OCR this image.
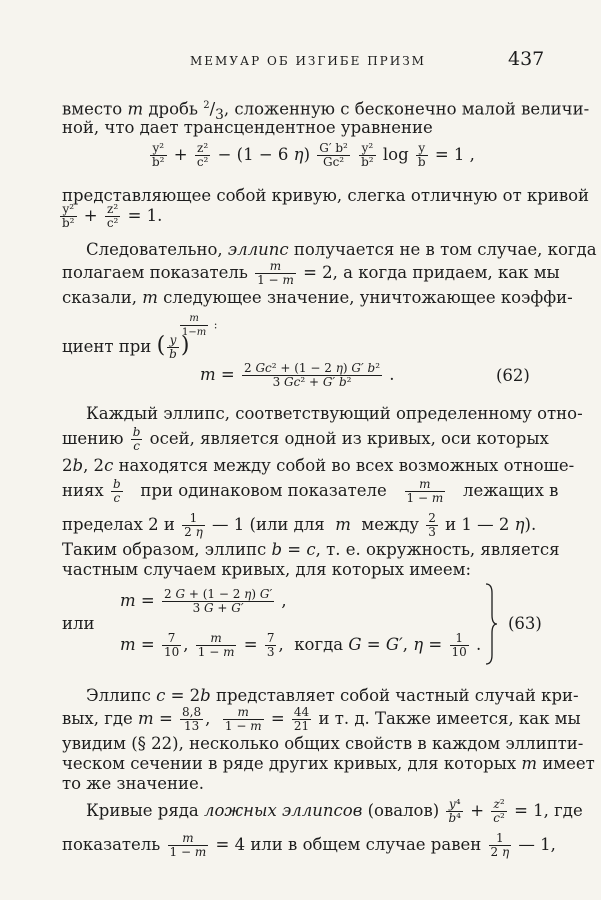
МЕМУАР ОБ ИЗГИБЕ ПРИЗМ	437
вместо m дробь $^2/_3$, сложенную с бесконечно малой величи-
ной, что дает трансцендентное уравнение
$\frac{\text{y²}}{\text{b²}} + \frac{\text{z²}}{\text{c²}} - (1 - 6$ $\eta) \frac{\text{G′ b²}}{\text{Gc²}}$
$\frac{\text{y²}}{\text{b²}}$ $\log \frac{y}{b} = 1$ ,
представляющее собой кривую, слегка отличную от кривой
$\frac{\text{y²}}{\text{b²}} + \frac{\text{z²}}{\text{c²}} = 1$.
Следовательно, эллипс получается не в том случае, когда
полагаем показатель $\frac{m}{1 - m} = 2$, а когда придаем, как мы
сказали, m следующее значение, уничтожающее коэффи-
циент при ( $\frac{y}{b}$ )
$\frac{m}{1-m}$ :
$m = \frac{\text{2 Gc² + (1 − 2 η) G′ b²}}{\text{3 Gc² + G′ b²}}$ .	(62)
Каждый эллипс, соответствующий определенному отно-
шению $\frac{b}{c}$ осей, является одной из кривых, оси которых
2b, 2c находятся между собой во всех возможных отноше-
ниях $\frac{b}{c}$ при одинаковом показателе $\frac{m}{1 - m}$ лежащих в
пределах 2 и $\frac{1}{2 \eta}$ — 1 (или для m между $\frac{2}{3}$ и 1 — 2 η).
Таким образом, эллипс b = c, т. е. окружность, является
частным случаем кривых, для которых имеем:
$m = \frac{2 G + (1 - 2 \eta) G'}{3 G + G'}$ ,
или
$m = \frac{7}{10}$ , $\frac{m}{1 - m} = \frac{7}{3}$ ,  когда G = G′, $\eta = \frac{1}{10}$ .
(63)
Эллипс c = 2b представляет собой частный случай кри-
вых, где $m = \frac{8,8}{13}$ , $\frac{m}{1 - m} = \frac{44}{21}$ и т. д. Также имеется, как мы
увидим (§ 22), несколько общих свойств в каждом эллипти-
ческом сечении в ряде других кривых, для которых m имеет
то же значение.
Кривые ряда ложных эллипсов (овалов) $\frac{\text{y⁴}}{\text{b⁴}} + \frac{\text{z²}}{\text{c²}} = 1$, где
показатель $\frac{m}{1 - m} = 4$ или в общем случае равен $\frac{1}{2 \eta}$ — 1,
